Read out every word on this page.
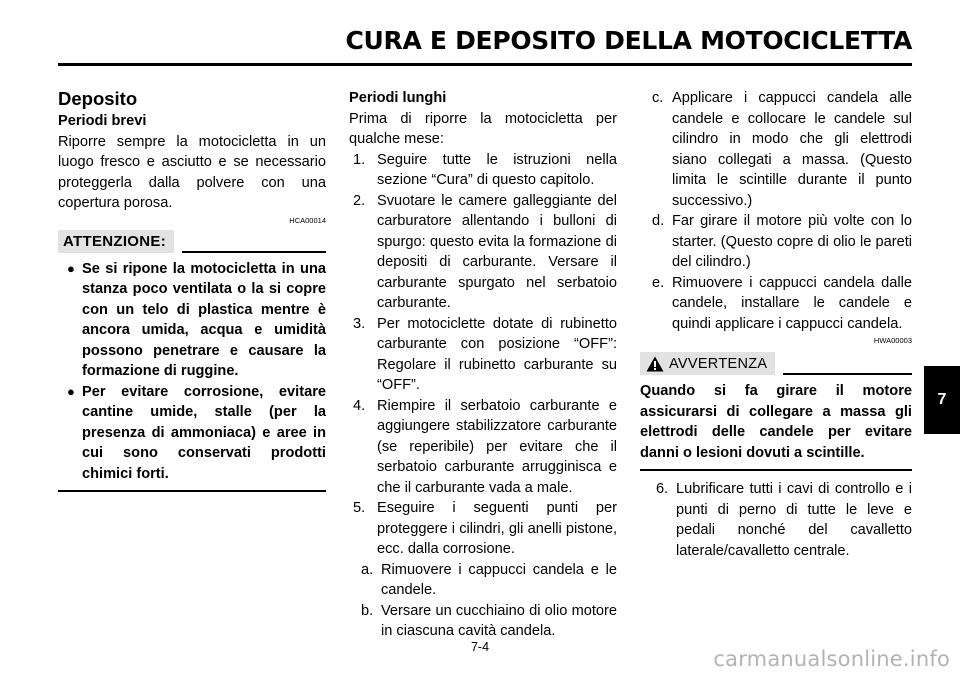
CURA E DEPOSITO DELLA MOTOCICLETTA
7
Deposito
Periodi brevi

Riporre sempre la motocicletta in un luogo fresco e asciutto e se necessario proteggerla dalla polvere con una copertura porosa.

HCA00014
ATTENZIONE:
● Se si ripone la motocicletta in una stanza poco ventilata o la si copre con un telo di plastica mentre è ancora umida, acqua e umidità possono penetrare e causare la formazione di ruggine.
● Per evitare corrosione, evitare cantine umide, stalle (per la presenza di ammoniaca) e aree in cui sono conservati prodotti chimici forti.
Periodi lunghi

Prima di riporre la motocicletta per qualche mese:

1. Seguire tutte le istruzioni nella sezione “Cura” di questo capitolo.
2. Svuotare le camere galleggiante del carburatore allentando i bulloni di spurgo: questo evita la formazione di depositi di carburante. Versare il carburante spurgato nel serbatoio carburante.
3. Per motociclette dotate di rubinetto carburante con posizione “OFF”: Regolare il rubinetto carburante su “OFF”.
4. Riempire il serbatoio carburante e aggiungere stabilizzatore carburante (se reperibile) per evitare che il serbatoio carburante arrugginisca e che il carburante vada a male.
5. Eseguire i seguenti punti per proteggere i cilindri, gli anelli pistone, ecc. dalla corrosione.
a. Rimuovere i cappucci candela e le candele.
b. Versare un cucchiaino di olio motore in ciascuna cavità candela.
c. Applicare i cappucci candela alle candele e collocare le candele sul cilindro in modo che gli elettrodi siano collegati a massa. (Questo limita le scintille durante il punto successivo.)
d. Far girare il motore più volte con lo starter. (Questo copre di olio le pareti del cilindro.)
e. Rimuovere i cappucci candela dalle candele, installare le candele e quindi applicare i cappucci candela.
HWA00003
AVVERTENZA

Quando si fa girare il motore assicurarsi di collegare a massa gli elettrodi delle candele per evitare danni o lesioni dovuti a scintille.

6. Lubrificare tutti i cavi di controllo e i punti di perno di tutte le leve e pedali nonché del cavalletto laterale/cavalletto centrale.
7-4	carmanualsonline.info
